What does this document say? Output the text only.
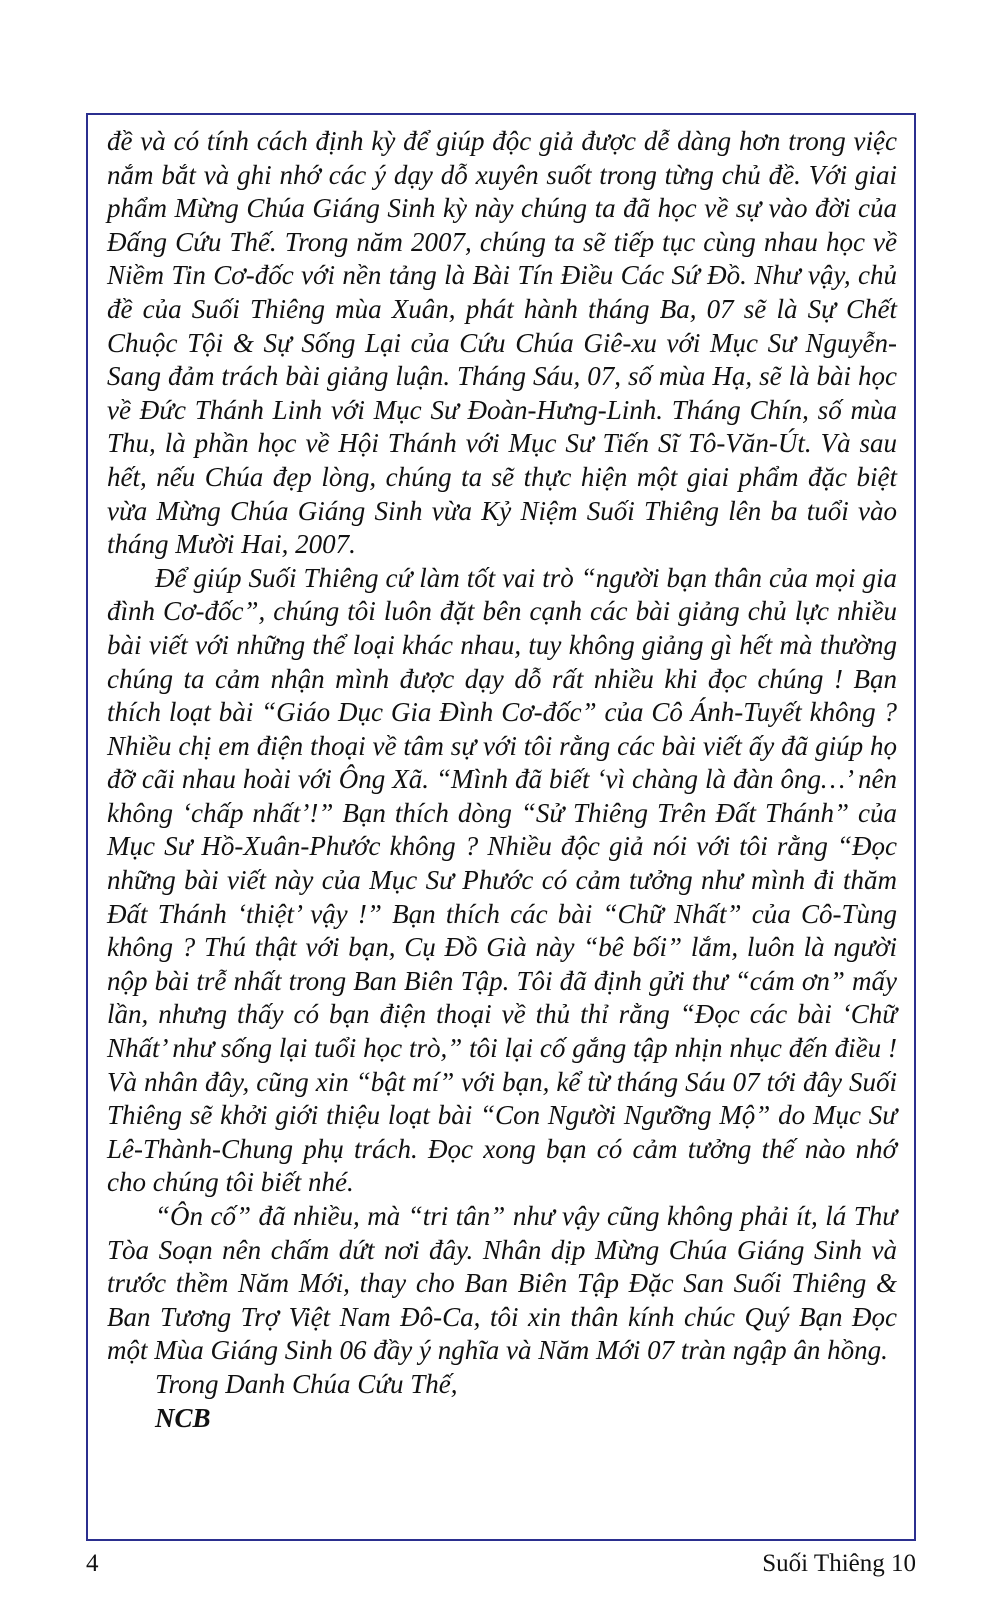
đề và có tính cách định kỳ để giúp độc giả được dễ dàng hơn trong việc nắm bắt và ghi nhớ các ý dạy dỗ xuyên suốt trong từng chủ đề. Với giai phẩm Mừng Chúa Giáng Sinh kỳ này chúng ta đã học về sự vào đời của Đấng Cứu Thế. Trong năm 2007, chúng ta sẽ tiếp tục cùng nhau học về Niềm Tin Cơ-đốc với nền tảng là Bài Tín Điều Các Sứ Đồ. Như vậy, chủ đề của Suối Thiêng mùa Xuân, phát hành tháng Ba, 07 sẽ là Sự Chết Chuộc Tội & Sự Sống Lại của Cứu Chúa Giê-xu với Mục Sư Nguyễn-Sang đảm trách bài giảng luận. Tháng Sáu, 07, số mùa Hạ, sẽ là bài học về Đức Thánh Linh với Mục Sư Đoàn-Hưng-Linh. Tháng Chín, số mùa Thu, là phần học về Hội Thánh với Mục Sư Tiến Sĩ Tô-Văn-Út. Và sau hết, nếu Chúa đẹp lòng, chúng ta sẽ thực hiện một giai phẩm đặc biệt vừa Mừng Chúa Giáng Sinh vừa Kỷ Niệm Suối Thiêng lên ba tuổi vào tháng Mười Hai, 2007.

Để giúp Suối Thiêng cứ làm tốt vai trò “người bạn thân của mọi gia đình Cơ-đốc”, chúng tôi luôn đặt bên cạnh các bài giảng chủ lực nhiều bài viết với những thể loại khác nhau, tuy không giảng gì hết mà thường chúng ta cảm nhận mình được dạy dỗ rất nhiều khi đọc chúng ! Bạn thích loạt bài “Giáo Dục Gia Đình Cơ-đốc” của Cô Ánh-Tuyết không ? Nhiều chị em điện thoại về tâm sự với tôi rằng các bài viết ấy đã giúp họ đỡ cãi nhau hoài với Ông Xã. “Mình đã biết ‘vì chàng là đàn ông…’ nên không ‘chấp nhất’!” Bạn thích dòng “Sử Thiêng Trên Đất Thánh” của Mục Sư Hồ-Xuân-Phước không ? Nhiều độc giả nói với tôi rằng “Đọc những bài viết này của Mục Sư Phước có cảm tưởng như mình đi thăm Đất Thánh ‘thiệt’ vậy !” Bạn thích các bài “Chữ Nhất” của Cô-Tùng không ? Thú thật với bạn, Cụ Đồ Già này “bê bối” lắm, luôn là người nộp bài trễ nhất trong Ban Biên Tập. Tôi đã định gửi thư “cám ơn” mấy lần, nhưng thấy có bạn điện thoại về thủ thỉ rằng “Đọc các bài ‘Chữ Nhất’ như sống lại tuổi học trò,” tôi lại cố gắng tập nhịn nhục đến điều ! Và nhân đây, cũng xin “bật mí” với bạn, kể từ tháng Sáu 07 tới đây Suối Thiêng sẽ khởi giới thiệu loạt bài “Con Người Ngưỡng Mộ” do Mục Sư Lê-Thành-Chung phụ trách. Đọc xong bạn có cảm tưởng thế nào nhớ cho chúng tôi biết nhé.

“Ôn cố” đã nhiều, mà “tri tân” như vậy cũng không phải ít, lá Thư Tòa Soạn nên chấm dứt nơi đây. Nhân dịp Mừng Chúa Giáng Sinh và trước thềm Năm Mới, thay cho Ban Biên Tập Đặc San Suối Thiêng & Ban Tương Trợ Việt Nam Đô-Ca, tôi xin thân kính chúc Quý Bạn Đọc một Mùa Giáng Sinh 06 đầy ý nghĩa và Năm Mới 07 tràn ngập ân hồng.

Trong Danh Chúa Cứu Thế,
NCB
4	Suối Thiêng 10
